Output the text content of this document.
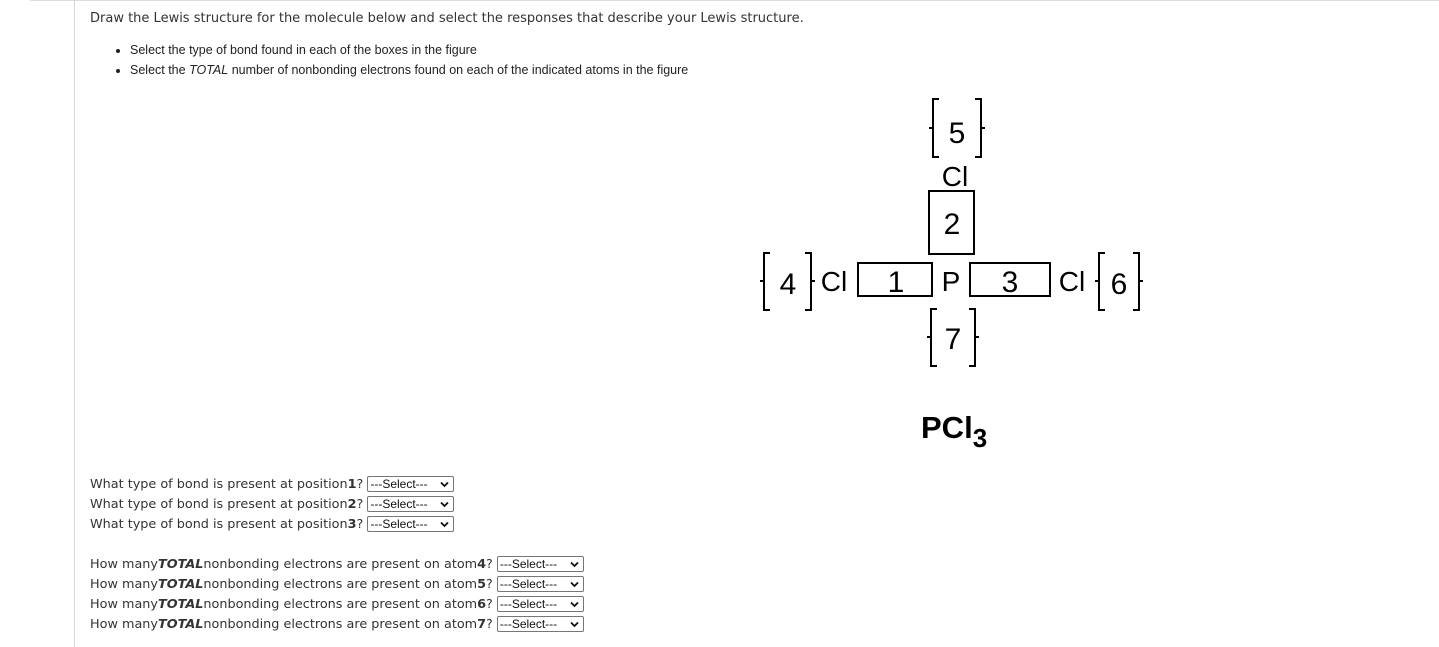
Draw the Lewis structure for the molecule below and select the responses that describe your Lewis structure.
• Select the type of bond found in each of the boxes in the figure
• Select the TOTAL number of nonbonding electrons found on each of the indicated atoms in the figure
5
4	6
7
2
1	3
Cl
Cl	P	Cl
PCl$_3$
What type of bond is present at position 1 ? ---Select---
What type of bond is present at position 2 ? ---Select---
What type of bond is present at position 3 ? ---Select---
How many TOTAL nonbonding electrons are present on atom 4 ? ---Select---
How many TOTAL nonbonding electrons are present on atom 5 ? ---Select---
How many TOTAL nonbonding electrons are present on atom 6 ? ---Select---
How many TOTAL nonbonding electrons are present on atom 7 ? ---Select---
